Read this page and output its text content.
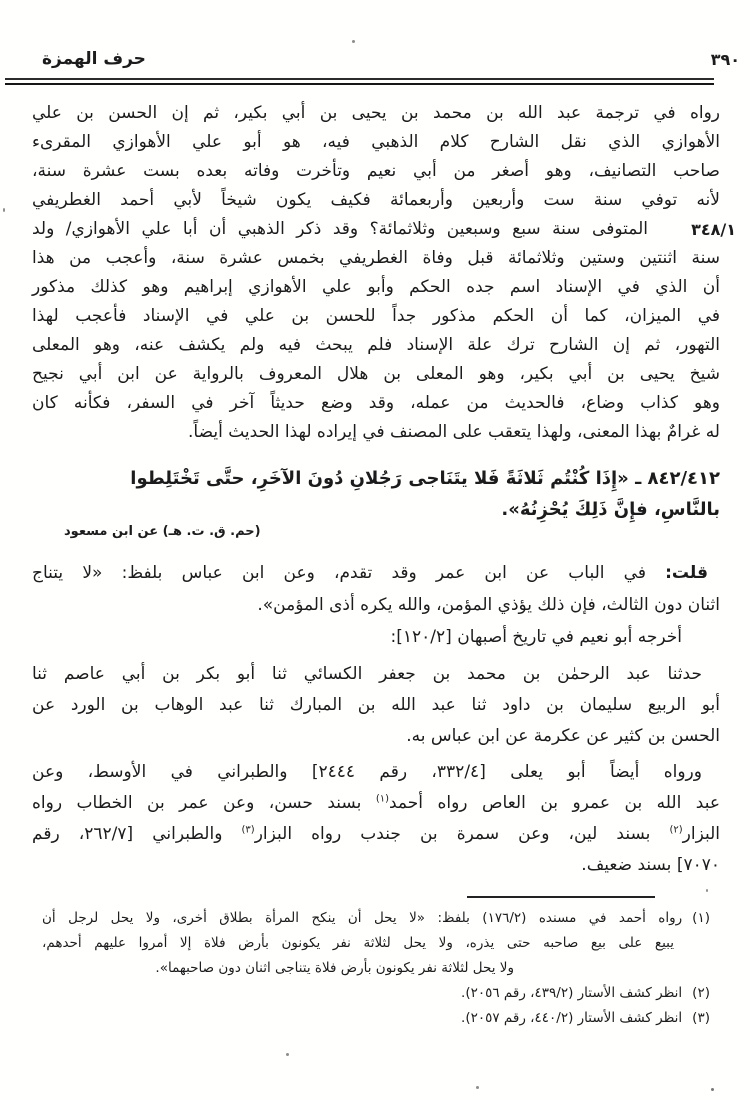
٣٩٠
حرف الهمزة
رواه في ترجمة عبد الله بن محمد بن يحيى بن أبي بكير، ثم إن الحسن بن علي
الأهوازي الذي نقل الشارح كلام الذهبي فيه، هو أبو علي الأهوازي المقرىء
صاحب التصانيف، وهو أصغر من أبي نعيم وتأخرت وفاته بعده بست عشرة سنة،
لأنه توفي سنة ست وأربعين وأربعمائة فكيف يكون شيخاً لأبي أحمد الغطريفي
٣٤٨/١
المتوفى سنة سبع وسبعين وثلاثمائة؟ وقد ذكر الذهبي أن أبا علي الأهوازي/ ولد
سنة اثنتين وستين وثلاثمائة قبل وفاة الغطريفي بخمس عشرة سنة، وأعجب من هذا
أن الذي في الإسناد اسم جده الحكم وأبو علي الأهوازي إبراهيم وهو كذلك مذكور
في الميزان، كما أن الحكم مذكور جداً للحسن بن علي في الإسناد فأعجب لهذا
التهور، ثم إن الشارح ترك علة الإسناد فلم يبحث فيه ولم يكشف عنه، وهو المعلى
شيخ يحيى بن أبي بكير، وهو المعلى بن هلال المعروف بالرواية عن ابن أبي نجيح
وهو كذاب وضاع، فالحديث من عمله، وقد وضع حديثاً آخر في السفر، فكأنه كان
له غرامٌ بهذا المعنى، ولهذا يتعقب على المصنف في إيراده لهذا الحديث أيضاً.
٨٤٢/٤١٢ ـ «إِذَا كُنْتُم ثَلاثَةً فَلا يتَنَاجى رَجُلانِ دُونَ الآخَرِ، حتَّى تَخْتَلِطوا
بالنَّاسِ، فإِنَّ ذَلِكَ يُحْزِنُهُ».
(حم. ق. ت. هـ) عن ابن مسعود
قلت: في الباب عن ابن عمر وقد تقدم، وعن ابن عباس بلفظ: «لا يتناج
اثنان دون الثالث، فإن ذلك يؤذي المؤمن، والله يكره أذى المؤمن».
أخرجه أبو نعيم في تاريخ أصبهان [١٢٠/٢]:
حدثنا عبد الرحمٰن بن محمد بن جعفر الكسائي ثنا أبو بكر بن أبي عاصم ثنا
أبو الربيع سليمان بن داود ثنا عبد الله بن المبارك ثنا عبد الوهاب بن الورد عن
الحسن بن كثير عن عكرمة عن ابن عباس به.
ورواه أيضاً أبو يعلى [٣٣٢/٤، رقم ٢٤٤٤] والطبراني في الأوسط، وعن
عبد الله بن عمرو بن العاص رواه أحمد$^{(١)}$ بسند حسن، وعن عمر بن الخطاب رواه
البزار$^{(٢)}$ بسند لين، وعن سمرة بن جندب رواه البزار$^{(٣)}$ والطبراني [٢٦٢/٧، رقم
٧٠٧٠] بسند ضعيف.
(١)رواه أحمد في مسنده (١٧٦/٢) بلفظ: «لا يحل أن ينكح المرأة بطلاق أخرى، ولا يحل لرجل أن
يبيع على بيع صاحبه حتى يذره، ولا يحل لثلاثة نفر يكونون بأرض فلاة إلا أمروا عليهم أحدهم،
ولا يحل لثلاثة نفر يكونون بأرض فلاة يتناجى اثنان دون صاحبهما».
(٢)انظر كشف الأستار (٤٣٩/٢، رقم ٢٠٥٦).
(٣)انظر كشف الأستار (٤٤٠/٢، رقم ٢٠٥٧).
